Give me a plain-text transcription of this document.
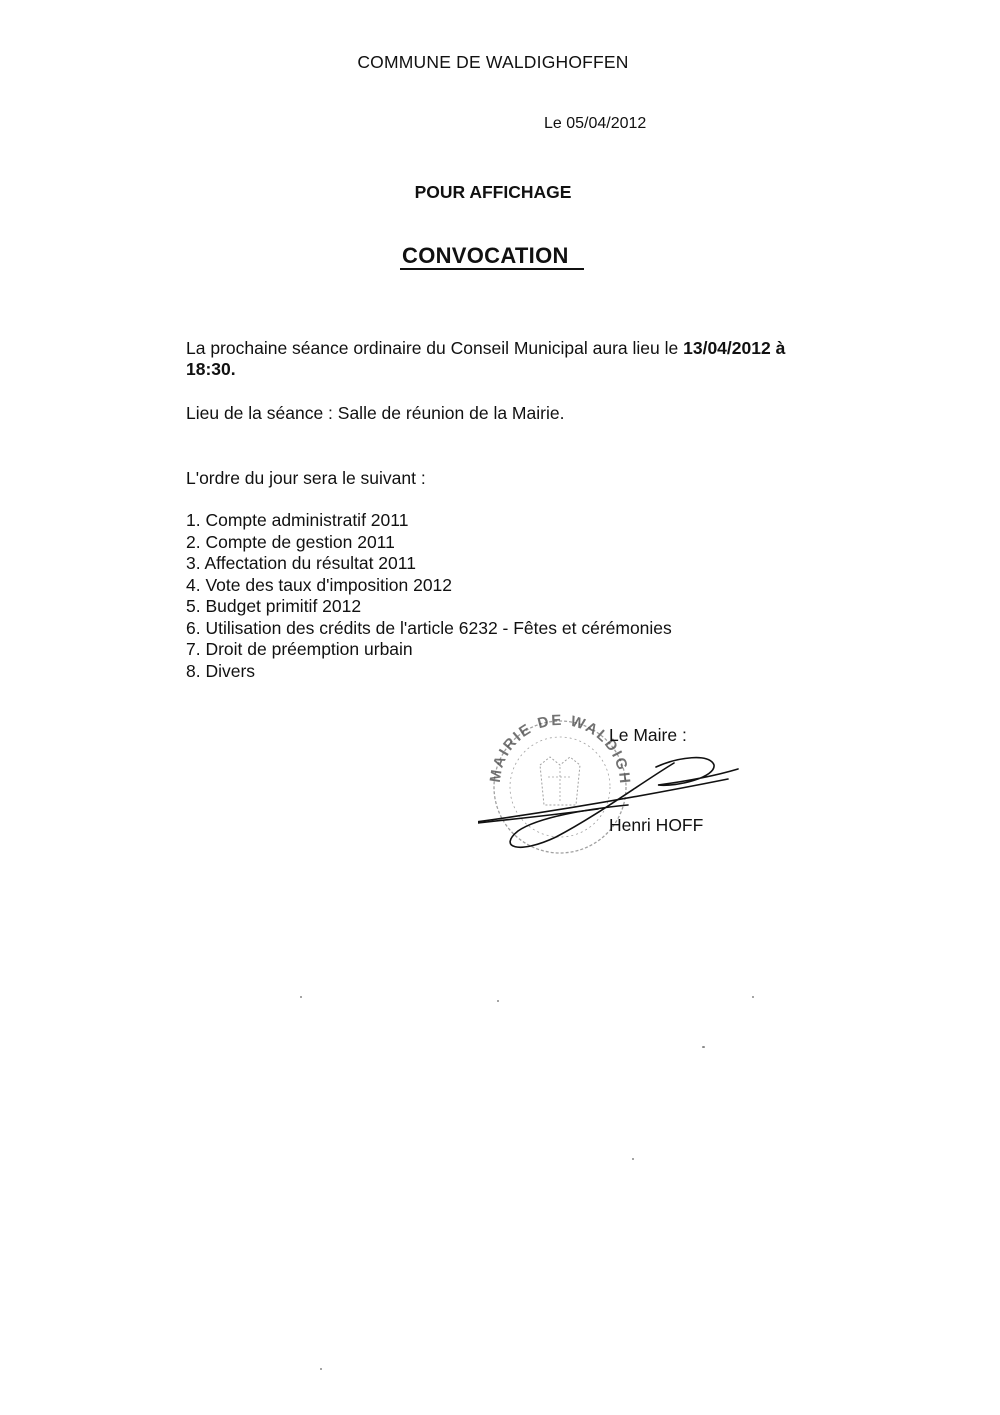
COMMUNE DE WALDIGHOFFEN
Le 05/04/2012
POUR AFFICHAGE
CONVOCATION
La prochaine séance ordinaire du Conseil Municipal aura lieu le 13/04/2012 à
18:30.
Lieu de la séance : Salle de réunion de la Mairie.
L'ordre du jour sera le suivant :
1. Compte administratif 2011
2. Compte de gestion 2011
3. Affectation du résultat 2011
4. Vote des taux d'imposition 2012
5. Budget primitif 2012
6. Utilisation des crédits de l'article 6232 - Fêtes et cérémonies
7. Droit de préemption urbain
8. Divers
MAIRIE DE WALDIGH
Le Maire :
Henri HOFF
